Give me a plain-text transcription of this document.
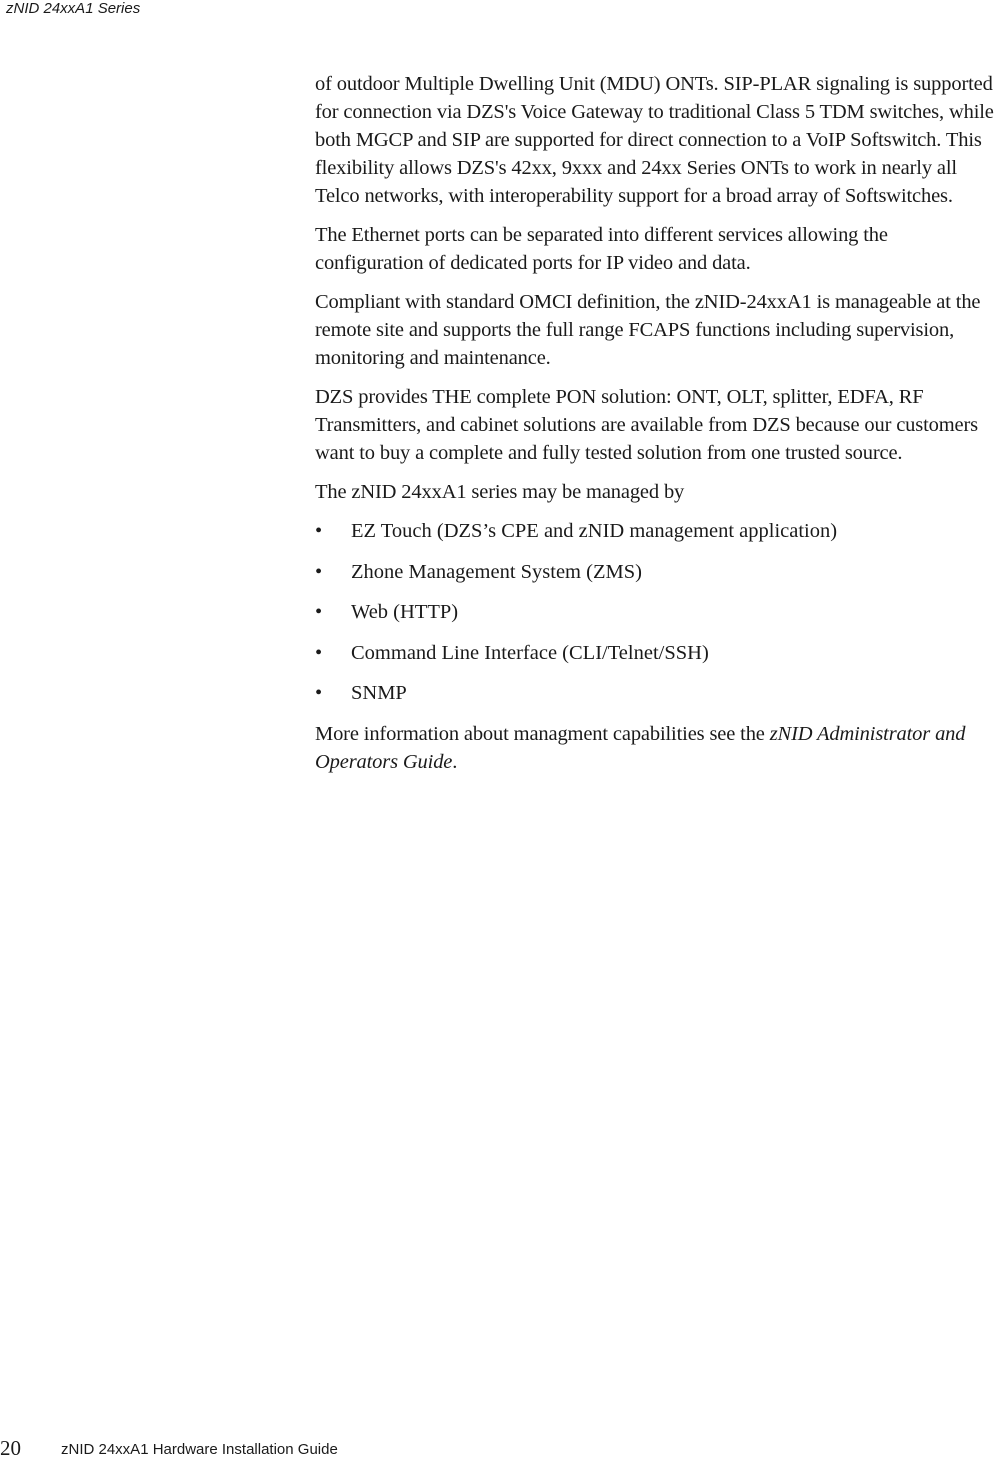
zNID 24xxA1 Series

of outdoor Multiple Dwelling Unit (MDU) ONTs. SIP-PLAR signaling is supported for connection via DZS's Voice Gateway to traditional Class 5 TDM switches, while both MGCP and SIP are supported for direct connection to a VoIP Softswitch. This flexibility allows DZS's 42xx, 9xxx and 24xx Series ONTs to work in nearly all Telco networks, with interoperability support for a broad array of Softswitches.

The Ethernet ports can be separated into different services allowing the configuration of dedicated ports for IP video and data.

Compliant with standard OMCI definition, the zNID-24xxA1 is manageable at the remote site and supports the full range FCAPS functions including supervision, monitoring and maintenance.

DZS provides THE complete PON solution: ONT, OLT, splitter, EDFA, RF Transmitters, and cabinet solutions are available from DZS because our customers want to buy a complete and fully tested solution from one trusted source.

The zNID 24xxA1 series may be managed by

• EZ Touch (DZS’s CPE and zNID management application)
• Zhone Management System (ZMS)
• Web (HTTP)
• Command Line Interface (CLI/Telnet/SSH)
• SNMP

More information about managment capabilities see the zNID Administrator and Operators Guide.

20	zNID 24xxA1 Hardware Installation Guide
